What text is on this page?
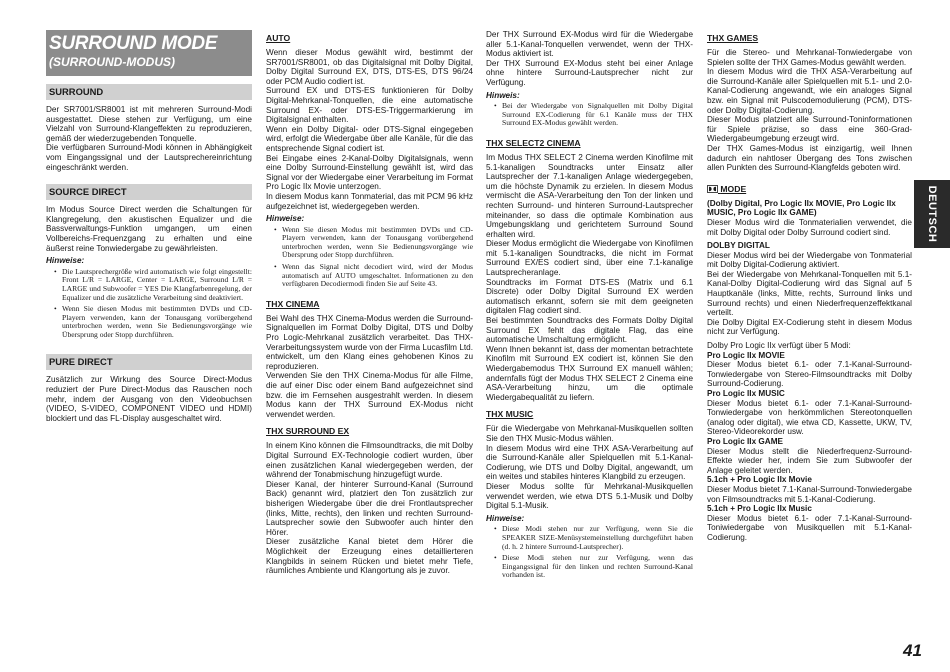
SURROUND MODE
(SURROUND-MODUS)
SURROUND
Der SR7001/SR8001 ist mit mehreren Surround-Modi ausgestattet. Diese stehen zur Verfügung, um eine Vielzahl von Surround-Klangeffekten zu reproduzieren, gemäß der wiederzugebenden Tonquelle.
Die verfügbaren Surround-Modi können in Abhängigkeit vom Eingangssignal und der Lautsprechereinrichtung eingeschränkt werden.
SOURCE DIRECT
Im Modus Source Direct werden die Schaltungen für Klangregelung, den akustischen Equalizer und die Bassverwaltungs-Funktion umgangen, um einen Vollbereichs-Frequenzgang zu erhalten und eine äußerst reine Tonwiedergabe zu gewährleisten.
Hinweise:
• Die Lautsprechergröße wird automatisch wie folgt eingestellt: Front L/R = LARGE, Center = LARGE, Surround L/R = LARGE und Subwoofer = YES Die Klangfarbenregelung, der Equalizer und die zusätzliche Verarbeitung sind deaktiviert.
• Wenn Sie diesen Modus mit bestimmten DVDs und CD-Playern verwenden, kann der Tonausgang vorübergehend unterbrochen werden, wenn Sie Bedienungsvorgänge wie Übersprung oder Stopp durchführen.
PURE DIRECT
Zusätzlich zur Wirkung des Source Direct-Modus reduziert der Pure Direct-Modus das Rauschen noch mehr, indem der Ausgang von den Videobuchsen (VIDEO, S-VIDEO, COMPONENT VIDEO und HDMI) blockiert und das FL-Display ausgeschaltet wird.
AUTO
Wenn dieser Modus gewählt wird, bestimmt der SR7001/SR8001, ob das Digitalsignal mit Dolby Digital, Dolby Digital Surround EX, DTS, DTS-ES, DTS 96/24 oder PCM Audio codiert ist.
Surround EX und DTS-ES funktionieren für Dolby Digital-Mehrkanal-Tonquellen, die eine automatische Surround EX- oder DTS-ES-Triggermarkierung im Digitalsignal enthalten.
Wenn ein Dolby Digital- oder DTS-Signal eingegeben wird, erfolgt die Wiedergabe über alle Kanäle, für die das entsprechende Signal codiert ist.
Bei Eingabe eines 2-Kanal-Dolby Digitalsignals, wenn eine Dolby Surround-Einstellung gewählt ist, wird das Signal vor der Wiedergabe einer Verarbeitung im Format Pro Logic IIx Movie unterzogen.
In diesem Modus kann Tonmaterial, das mit PCM 96 kHz aufgezeichnet ist, wiedergegeben werden.
Hinweise:
• Wenn Sie diesen Modus mit bestimmten DVDs und CD-Playern verwenden, kann der Tonausgang vorübergehend unterbrochen werden, wenn Sie Bedienungsvorgänge wie Übersprung oder Stopp durchführen.
• Wenn das Signal nicht decodiert wird, wird der Modus automatisch auf AUTO umgeschaltet. Informationen zu den verfügbaren Decodiermodi finden Sie auf Seite 43.
THX CINEMA
Bei Wahl des THX Cinema-Modus werden die Surround-Signalquellen im Format Dolby Digital, DTS und Dolby Pro Logic-Mehrkanal zusätzlich verarbeitet. Das THX-Verarbeitungssystem wurde von der Firma Lucasfilm Ltd. entwickelt, um den Klang eines gehobenen Kinos zu reproduzieren.
Verwenden Sie den THX Cinema-Modus für alle Filme, die auf einer Disc oder einem Band aufgezeichnet sind bzw. die im Fernsehen ausgestrahlt werden. In diesem Modus kann der THX Surround EX-Modus nicht verwendet werden.
THX SURROUND EX
In einem Kino können die Filmsoundtracks, die mit Dolby Digital Surround EX-Technologie codiert wurden, über einen zusätzlichen Kanal wiedergegeben werden, der während der Tonabmischung hinzugefügt wurde.
Dieser Kanal, der hinterer Surround-Kanal (Surround Back) genannt wird, platziert den Ton zusätzlich zur bisherigen Wiedergabe über die drei Frontlautsprecher (links, Mitte, rechts), den linken und rechten Surround-Lautsprecher sowie den Subwoofer auch hinter den Hörer.
Dieser zusätzliche Kanal bietet dem Hörer die Möglichkeit der Erzeugung eines detaillierteren Klangbilds in seinem Rücken und bietet mehr Tiefe, räumliches Ambiente und Klangortung als je zuvor.
Der THX Surround EX-Modus wird für die Wiedergabe aller 5.1-Kanal-Tonquellen verwendet, wenn der THX-Modus aktiviert ist.
Der THX Surround EX-Modus steht bei einer Anlage ohne hintere Surround-Lautsprecher nicht zur Verfügung.
Hinweis:
• Bei der Wiedergabe von Signalquellen mit Dolby Digital Surround EX-Codierung für 6.1 Kanäle muss der THX Surround EX-Modus gewählt werden.
THX SELECT2 CINEMA
Im Modus THX SELECT 2 Cinema werden Kinofilme mit 5.1-kanaligen Soundtracks unter Einsatz aller Lautsprecher der 7.1-kanaligen Anlage wiedergegeben, um die höchste Dynamik zu erzielen. In diesem Modus vermischt die ASA-Verarbeitung den Ton der linken und rechten Surround- und hinteren Surround-Lautsprecher miteinander, so dass die optimale Kombination aus Umgebungsklang und gerichtetem Surround Sound erhalten wird.
Dieser Modus ermöglicht die Wiedergabe von Kinofilmen mit 5.1-kanaligen Soundtracks, die nicht im Format Surround EX/ES codiert sind, über eine 7.1-kanalige Lautsprecheranlage.
Soundtracks im Format DTS-ES (Matrix und 6.1 Discrete) oder Dolby Digital Surround EX werden automatisch erkannt, sofern sie mit dem geeigneten digitalen Flag codiert sind.
Bei bestimmten Soundtracks des Formats Dolby Digital Surround EX fehlt das digitale Flag, das eine automatische Umschaltung ermöglicht.
Wenn Ihnen bekannt ist, dass der momentan betrachtete Kinofilm mit Surround EX codiert ist, können Sie den Wiedergabemodus THX Surround EX manuell wählen; andernfalls fügt der Modus THX SELECT 2 Cinema eine ASA-Verarbeitung hinzu, um die optimale Wiedergabequalität zu liefern.
THX MUSIC
Für die Wiedergabe von Mehrkanal-Musikquellen sollten Sie den THX Music-Modus wählen.
In diesem Modus wird eine THX ASA-Verarbeitung auf die Surround-Kanäle aller Spielquellen mit 5.1-Kanal-Codierung, wie DTS und Dolby Digital, angewandt, um ein weites und stabiles hinteres Klangbild zu erzeugen.
Dieser Modus sollte für Mehrkanal-Musikquellen verwendet werden, wie etwa DTS 5.1-Musik und Dolby Digital 5.1-Musik.
Hinweise:
• Diese Modi stehen nur zur Verfügung, wenn Sie die SPEAKER SIZE-Menüsystemeinstellung durchgeführt haben (d. h. 2 hintere Surround-Lautsprecher).
• Diese Modi stehen nur zur Verfügung, wenn das Eingangssignal für den linken und rechten Surround-Kanal vorhanden ist.
THX GAMES
Für die Stereo- und Mehrkanal-Tonwiedergabe von Spielen sollte der THX Games-Modus gewählt werden.
In diesem Modus wird die THX ASA-Verarbeitung auf die Surround-Kanäle aller Spielquellen mit 5.1- und 2.0-Kanal-Codierung angewandt, wie ein analoges Signal bzw. ein Signal mit Pulscodemodulierung (PCM), DTS- oder Dolby Digital-Codierung.
Dieser Modus platziert alle Surround-Toninformationen für Spiele präzise, so dass eine 360-Grad-Wiedergabeumgebung erzeugt wird.
Der THX Games-Modus ist einzigartig, weil Ihnen dadurch ein nahtloser Übergang des Tons zwischen allen Punkten des Surround-Klangfelds geboten wird.
MODE
(Dolby Digital, Pro Logic IIx MOVIE, Pro Logic IIx MUSIC, Pro Logic IIx GAME)
Dieser Modus wird die Tonmaterialien verwendet, die mit Dolby Digital oder Dolby Surround codiert sind.
DOLBY DIGITAL
Dieser Modus wird bei der Wiedergabe von Tonmaterial mit Dolby Digital-Codierung aktiviert.
Bei der Wiedergabe von Mehrkanal-Tonquellen mit 5.1-Kanal-Dolby Digital-Codierung wird das Signal auf 5 Hauptkanäle (links, Mitte, rechts, Surround links und Surround rechts) und einen Niederfrequenzeffektkanal verteilt.
Die Dolby Digital EX-Codierung steht in diesem Modus nicht zur Verfügung.
Dolby Pro Logic IIx verfügt über 5 Modi:
Pro Logic IIx MOVIE
Dieser Modus bietet 6.1- oder 7.1-Kanal-Surround-Tonwiedergabe von Stereo-Filmsoundtracks mit Dolby Surround-Codierung.
Pro Logic IIx MUSIC
Dieser Modus bietet 6.1- oder 7.1-Kanal-Surround-Tonwiedergabe von herkömmlichen Stereotonquellen (analog oder digital), wie etwa CD, Kassette, UKW, TV, Stereo-Videorekorder usw.
Pro Logic IIx GAME
Dieser Modus stellt die Niederfrequenz-Surround-Effekte wieder her, indem Sie zum Subwoofer der Anlage geleitet werden.
5.1ch + Pro Logic IIx Movie
Dieser Modus bietet 7.1-Kanal-Surround-Tonwiedergabe von Filmsoundtracks mit 5.1-Kanal-Codierung.
5.1ch + Pro Logic IIx Music
Dieser Modus bietet 6.1- oder 7.1-Kanal-Surround-Toniwiedergabe von Musikquellen mit 5.1-Kanal-Codierung.
DEUTSCH
41
